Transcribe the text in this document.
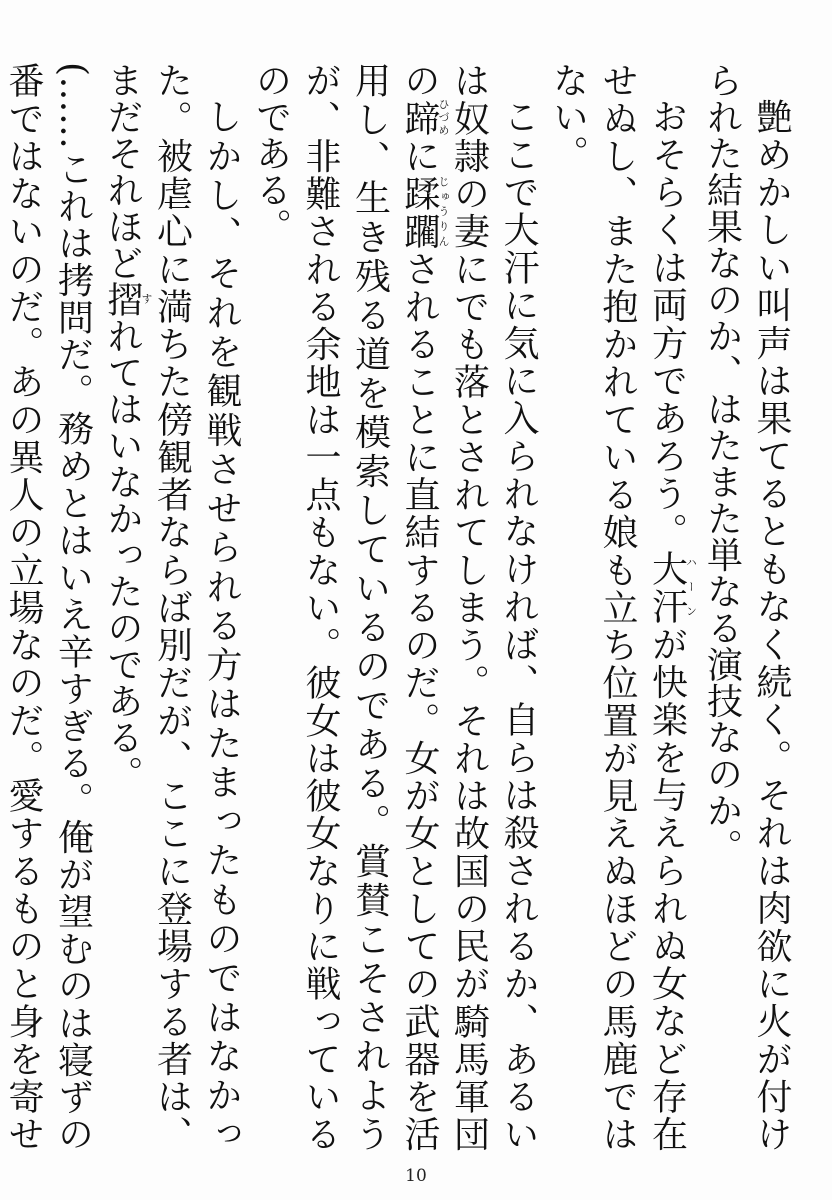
艶めかしい叫声は果てるともなく続く。それは肉欲に火が付けられた結果なのか、はたまた単なる演技なのか。

おそらくは両方であろう。大汗ハーンが快楽を与えられぬ女など存在せぬし、また抱かれている娘も立ち位置が見えぬほどの馬鹿ではない。

ここで大汗に気に入られなければ、自らは殺されるか、あるいは奴隷の妻にでも落とされてしまう。それは故国の民が騎馬軍団の蹄ひづめに蹂躙じゅうりんされることに直結するのだ。女が女としての武器を活用し、生き残る道を模索しているのである。賞賛こそされようが、非難される余地は一点もない。彼女は彼女なりに戦っているのである。

しかし、それを観戦させられる方はたまったものではなかった。被虐心に満ちた傍観者ならば別だが、ここに登場する者は、まだそれほど摺すれてはいなかったのである。

(……これは拷問だ。務めとはいえ辛すぎる。俺が望むのは寝ずの番ではないのだ。あの異人の立場なのだ。愛するものと身を寄せ

10
